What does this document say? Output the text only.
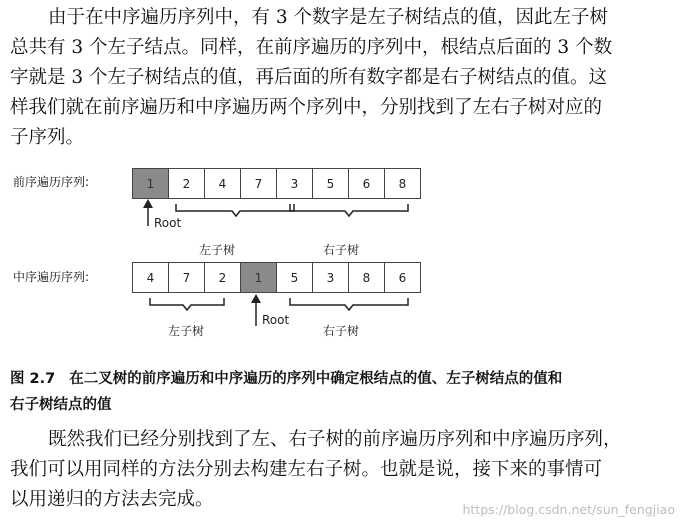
由于在中序遍历序列中，有 3 个数字是左子树结点的值，因此左子树
总共有 3 个左子结点。同样，在前序遍历的序列中，根结点后面的 3 个数
字就是 3 个左子树结点的值，再后面的所有数字都是右子树结点的值。这
样我们就在前序遍历和中序遍历两个序列中，分别找到了左右子树对应的
子序列。
前序遍历序列:	1	2	4	7	3	5	6	8
中序遍历序列:	4	7	2	1	5	3	8	6
Root
左子树	右子树
Root
左子树	右子树
图 2.7 在二叉树的前序遍历和中序遍历的序列中确定根结点的值、左子树结点的值和
右子树结点的值
既然我们已经分别找到了左、右子树的前序遍历序列和中序遍历序列，
我们可以用同样的方法分别去构建左右子树。也就是说，接下来的事情可
以用递归的方法去完成。	https://blog.csdn.net/sun_fengjiao
